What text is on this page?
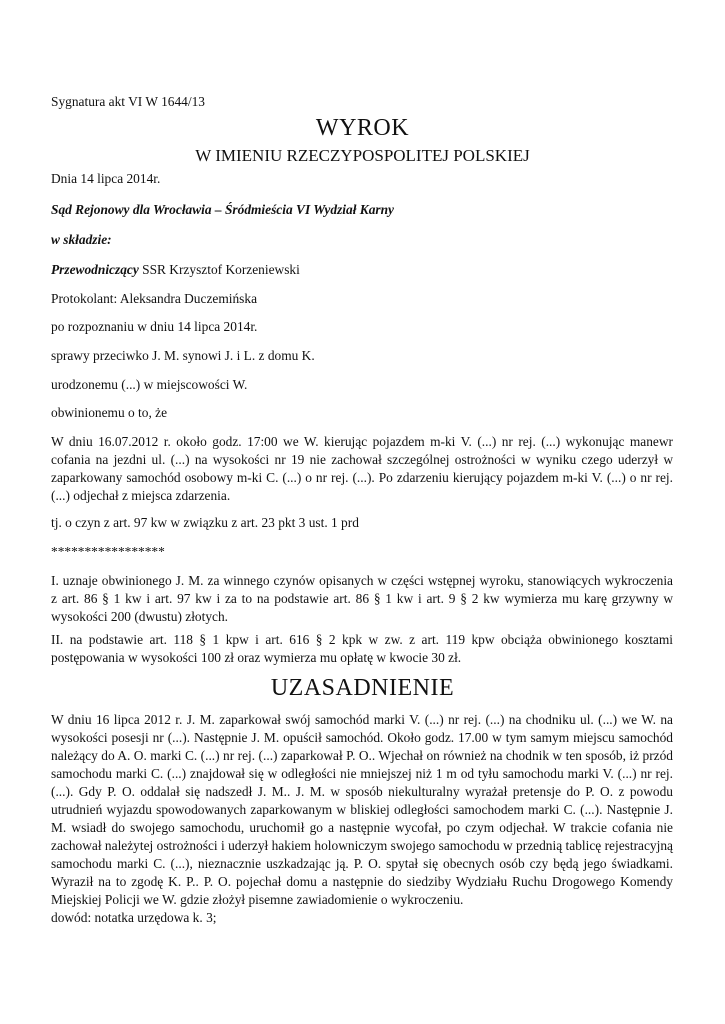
Sygnatura akt VI W 1644/13
WYROK
W IMIENIU RZECZYPOSPOLITEJ POLSKIEJ
Dnia 14 lipca 2014r.
Sąd Rejonowy dla Wrocławia – Śródmieścia VI Wydział Karny
w składzie:
Przewodniczący SSR Krzysztof Korzeniewski
Protokolant: Aleksandra Duczemińska
po rozpoznaniu w dniu 14 lipca 2014r.
sprawy przeciwko J. M. synowi J. i L. z domu K.
urodzonemu (...) w miejscowości W.
obwinionemu o to, że
W dniu 16.07.2012 r. około godz. 17:00 we W. kierując pojazdem m-ki V. (...) nr rej. (...) wykonując manewr cofania na jezdni ul. (...) na wysokości nr 19 nie zachował szczególnej ostrożności w wyniku czego uderzył w zaparkowany samochód osobowy m-ki C. (...) o nr rej. (...). Po zdarzeniu kierujący pojazdem m-ki V. (...) o nr rej. (...) odjechał z miejsca zdarzenia.
tj. o czyn z art. 97 kw w związku z art. 23 pkt 3 ust. 1 prd
*****************
I. uznaje obwinionego J. M. za winnego czynów opisanych w części wstępnej wyroku, stanowiących wykroczenia z art. 86 § 1 kw i art. 97 kw i za to na podstawie art. 86 § 1 kw i art. 9 § 2 kw wymierza mu karę grzywny w wysokości 200 (dwustu) złotych.
II. na podstawie art. 118 § 1 kpw i art. 616 § 2 kpk w zw. z art. 119 kpw obciąża obwinionego kosztami postępowania w wysokości 100 zł oraz wymierza mu opłatę w kwocie 30 zł.
UZASADNIENIE
W dniu 16 lipca 2012 r. J. M. zaparkował swój samochód marki V. (...) nr rej. (...) na chodniku ul. (...) we W. na wysokości posesji nr (...). Następnie J. M. opuścił samochód. Około godz. 17.00 w tym samym miejscu samochód należący do A. O. marki C. (...) nr rej. (...) zaparkował P. O.. Wjechał on również na chodnik w ten sposób, iż przód samochodu marki C. (...) znajdował się w odległości nie mniejszej niż 1 m od tyłu samochodu marki V. (...) nr rej. (...). Gdy P. O. oddalał się nadszedł J. M.. J. M. w sposób niekulturalny wyrażał pretensje do P. O. z powodu utrudnień wyjazdu spowodowanych zaparkowanym w bliskiej odległości samochodem marki C. (...). Następnie J. M. wsiadł do swojego samochodu, uruchomił go a następnie wycofał, po czym odjechał. W trakcie cofania nie zachował należytej ostrożności i uderzył hakiem holowniczym swojego samochodu w przednią tablicę rejestracyjną samochodu marki C. (...), nieznacznie uszkadzając ją. P. O. spytał się obecnych osób czy będą jego świadkami. Wyraził na to zgodę K. P.. P. O. pojechał domu a następnie do siedziby Wydziału Ruchu Drogowego Komendy Miejskiej Policji we W. gdzie złożył pisemne zawiadomienie o wykroczeniu.
dowód: notatka urzędowa k. 3;
